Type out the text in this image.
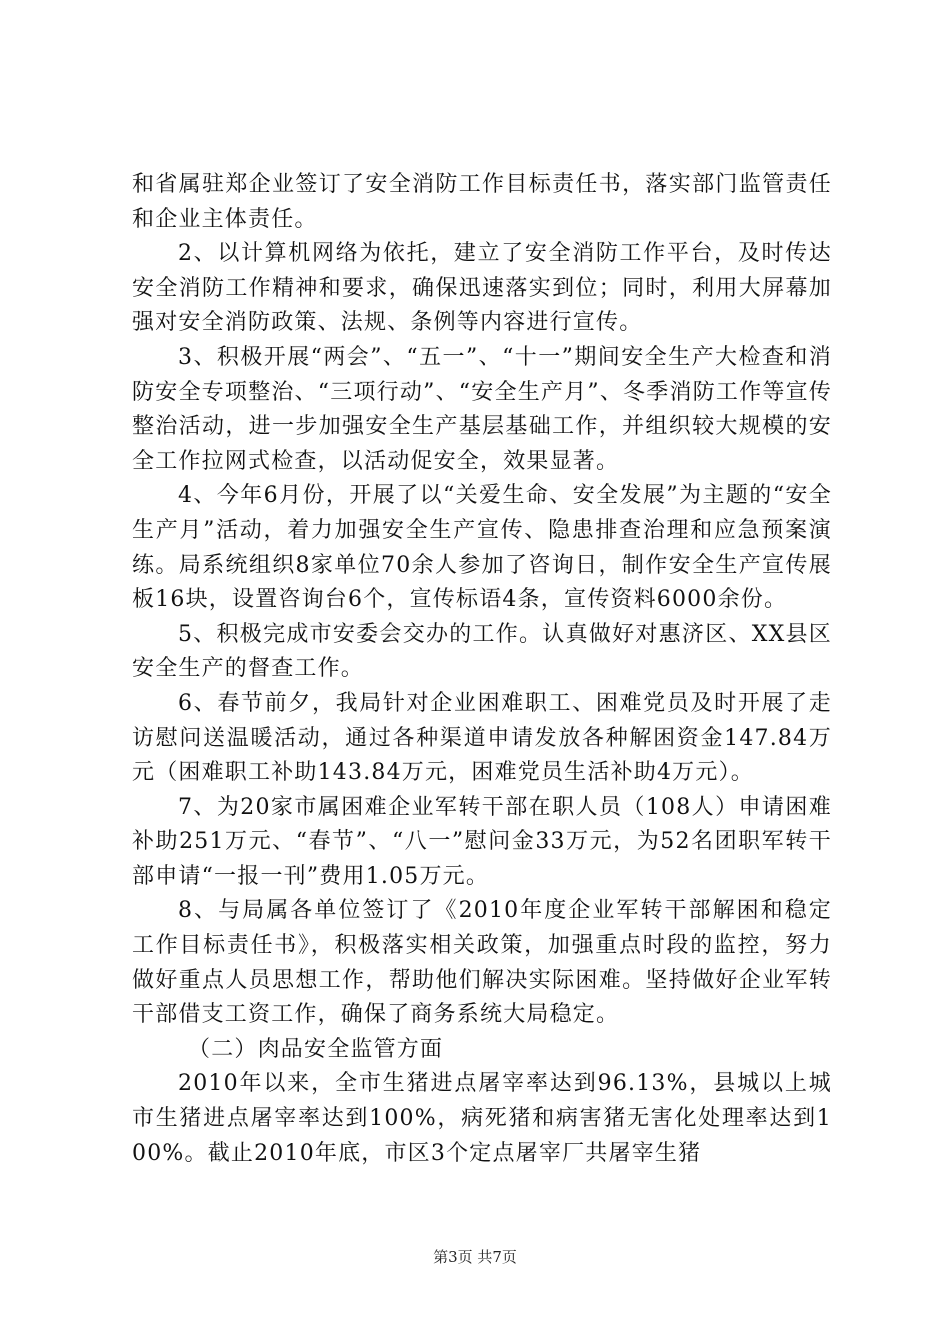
和省属驻郑企业签订了安全消防工作目标责任书，落实部门监管责任和企业主体责任。

2、以计算机网络为依托，建立了安全消防工作平台，及时传达安全消防工作精神和要求，确保迅速落实到位；同时，利用大屏幕加强对安全消防政策、法规、条例等内容进行宣传。

3、积极开展“两会”、“五一”、“十一”期间安全生产大检查和消防安全专项整治、“三项行动”、“安全生产月”、冬季消防工作等宣传整治活动，进一步加强安全生产基层基础工作，并组织较大规模的安全工作拉网式检查，以活动促安全，效果显著。

4、今年6月份，开展了以“关爱生命、安全发展”为主题的“安全生产月”活动，着力加强安全生产宣传、隐患排查治理和应急预案演练。局系统组织8家单位70余人参加了咨询日，制作安全生产宣传展板16块，设置咨询台6个，宣传标语4条，宣传资料6000余份。

5、积极完成市安委会交办的工作。认真做好对惠济区、XX县区安全生产的督查工作。

6、春节前夕，我局针对企业困难职工、困难党员及时开展了走访慰问送温暖活动，通过各种渠道申请发放各种解困资金147.84万元（困难职工补助143.84万元，困难党员生活补助4万元）。

7、为20家市属困难企业军转干部在职人员（108人）申请困难补助251万元、“春节”、“八一”慰问金33万元，为52名团职军转干部申请“一报一刊”费用1.05万元。

8、与局属各单位签订了《2010年度企业军转干部解困和稳定工作目标责任书》，积极落实相关政策，加强重点时段的监控，努力做好重点人员思想工作，帮助他们解决实际困难。坚持做好企业军转干部借支工资工作，确保了商务系统大局稳定。

（二）肉品安全监管方面

2010年以来，全市生猪进点屠宰率达到96.13%，县城以上城市生猪进点屠宰率达到100%，病死猪和病害猪无害化处理率达到100%。截止2010年底，市区3个定点屠宰厂共屠宰生猪

第3页 共7页
